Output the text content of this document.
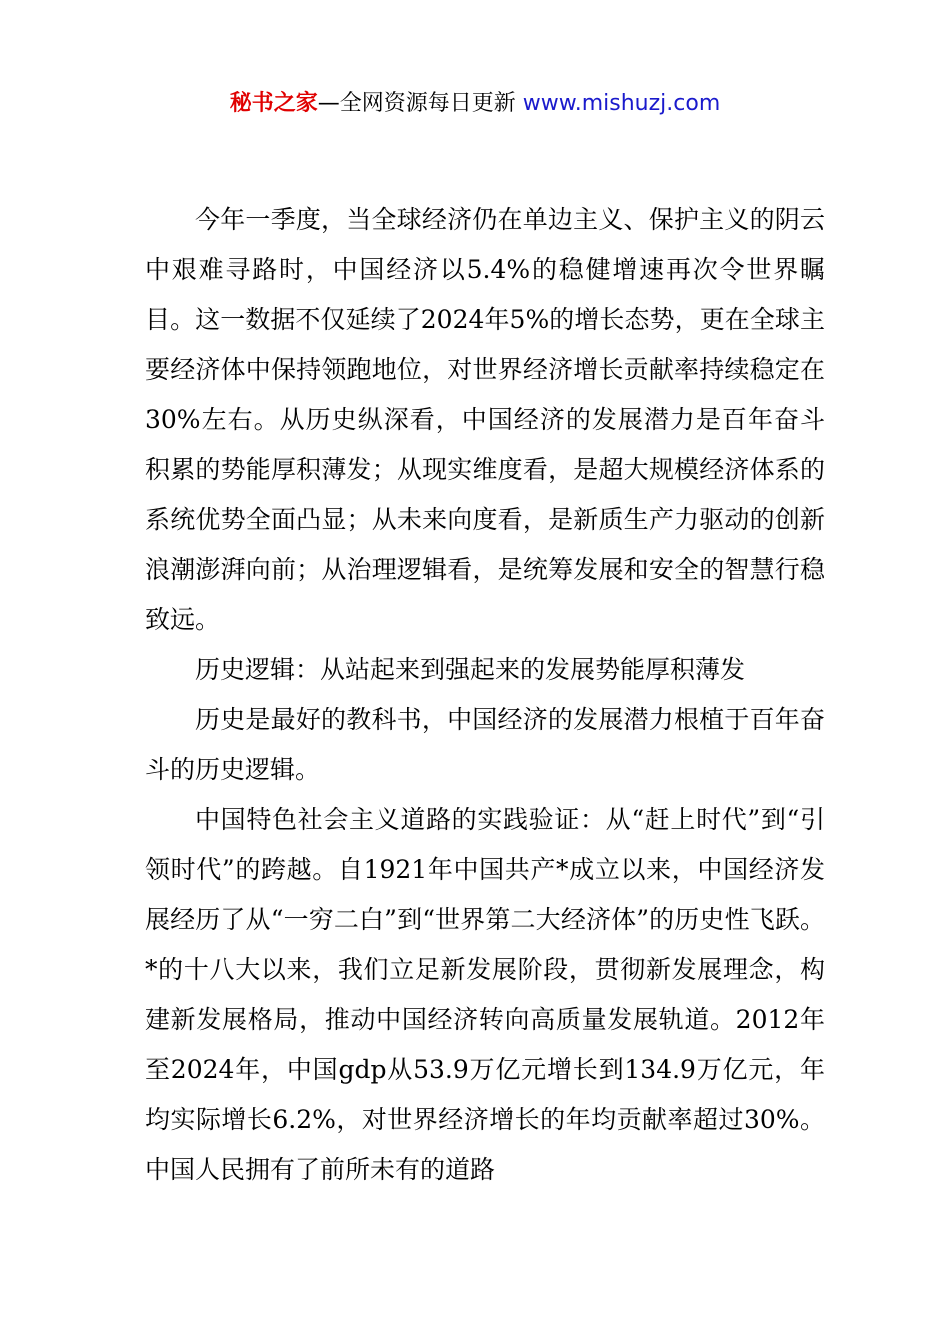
秘书之家—全网资源每日更新 www.mishuzj.com

今年一季度，当全球经济仍在单边主义、保护主义的阴云中艰难寻路时，中国经济以5.4%的稳健增速再次令世界瞩目。这一数据不仅延续了2024年5%的增长态势，更在全球主要经济体中保持领跑地位，对世界经济增长贡献率持续稳定在30%左右。从历史纵深看，中国经济的发展潜力是百年奋斗积累的势能厚积薄发；从现实维度看，是超大规模经济体系的系统优势全面凸显；从未来向度看，是新质生产力驱动的创新浪潮澎湃向前；从治理逻辑看，是统筹发展和安全的智慧行稳致远。

历史逻辑：从站起来到强起来的发展势能厚积薄发

历史是最好的教科书，中国经济的发展潜力根植于百年奋斗的历史逻辑。

中国特色社会主义道路的实践验证：从“赶上时代”到“引领时代”的跨越。自1921年中国共产*成立以来，中国经济发展经历了从“一穷二白”到“世界第二大经济体”的历史性飞跃。*的十八大以来，我们立足新发展阶段，贯彻新发展理念，构建新发展格局，推动中国经济转向高质量发展轨道。2012年至2024年，中国gdp从53.9万亿元增长到134.9万亿元，年均实际增长6.2%，对世界经济增长的年均贡献率超过30%。中国人民拥有了前所未有的道路
